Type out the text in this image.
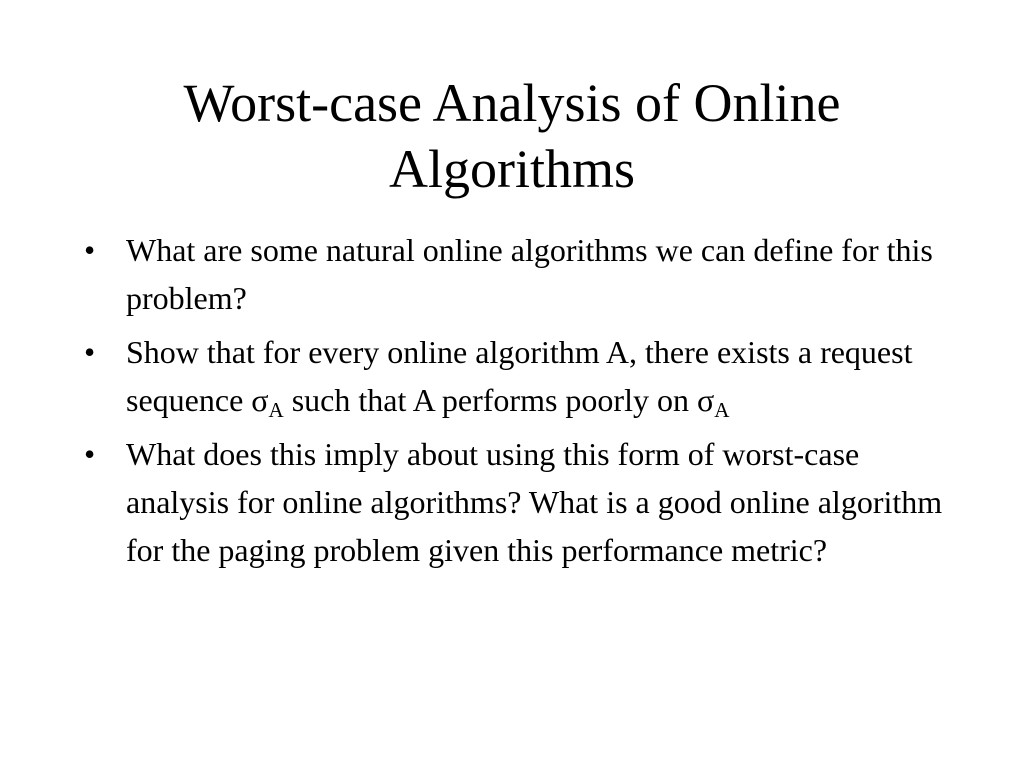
Worst-case Analysis of Online Algorithms
• What are some natural online algorithms we can define for this problem?
• Show that for every online algorithm A, there exists a request sequence $\sigma_A$ such that A performs poorly on $\sigma_A$
• What does this imply about using this form of worst-case analysis for online algorithms? What is a good online algorithm for the paging problem given this performance metric?
